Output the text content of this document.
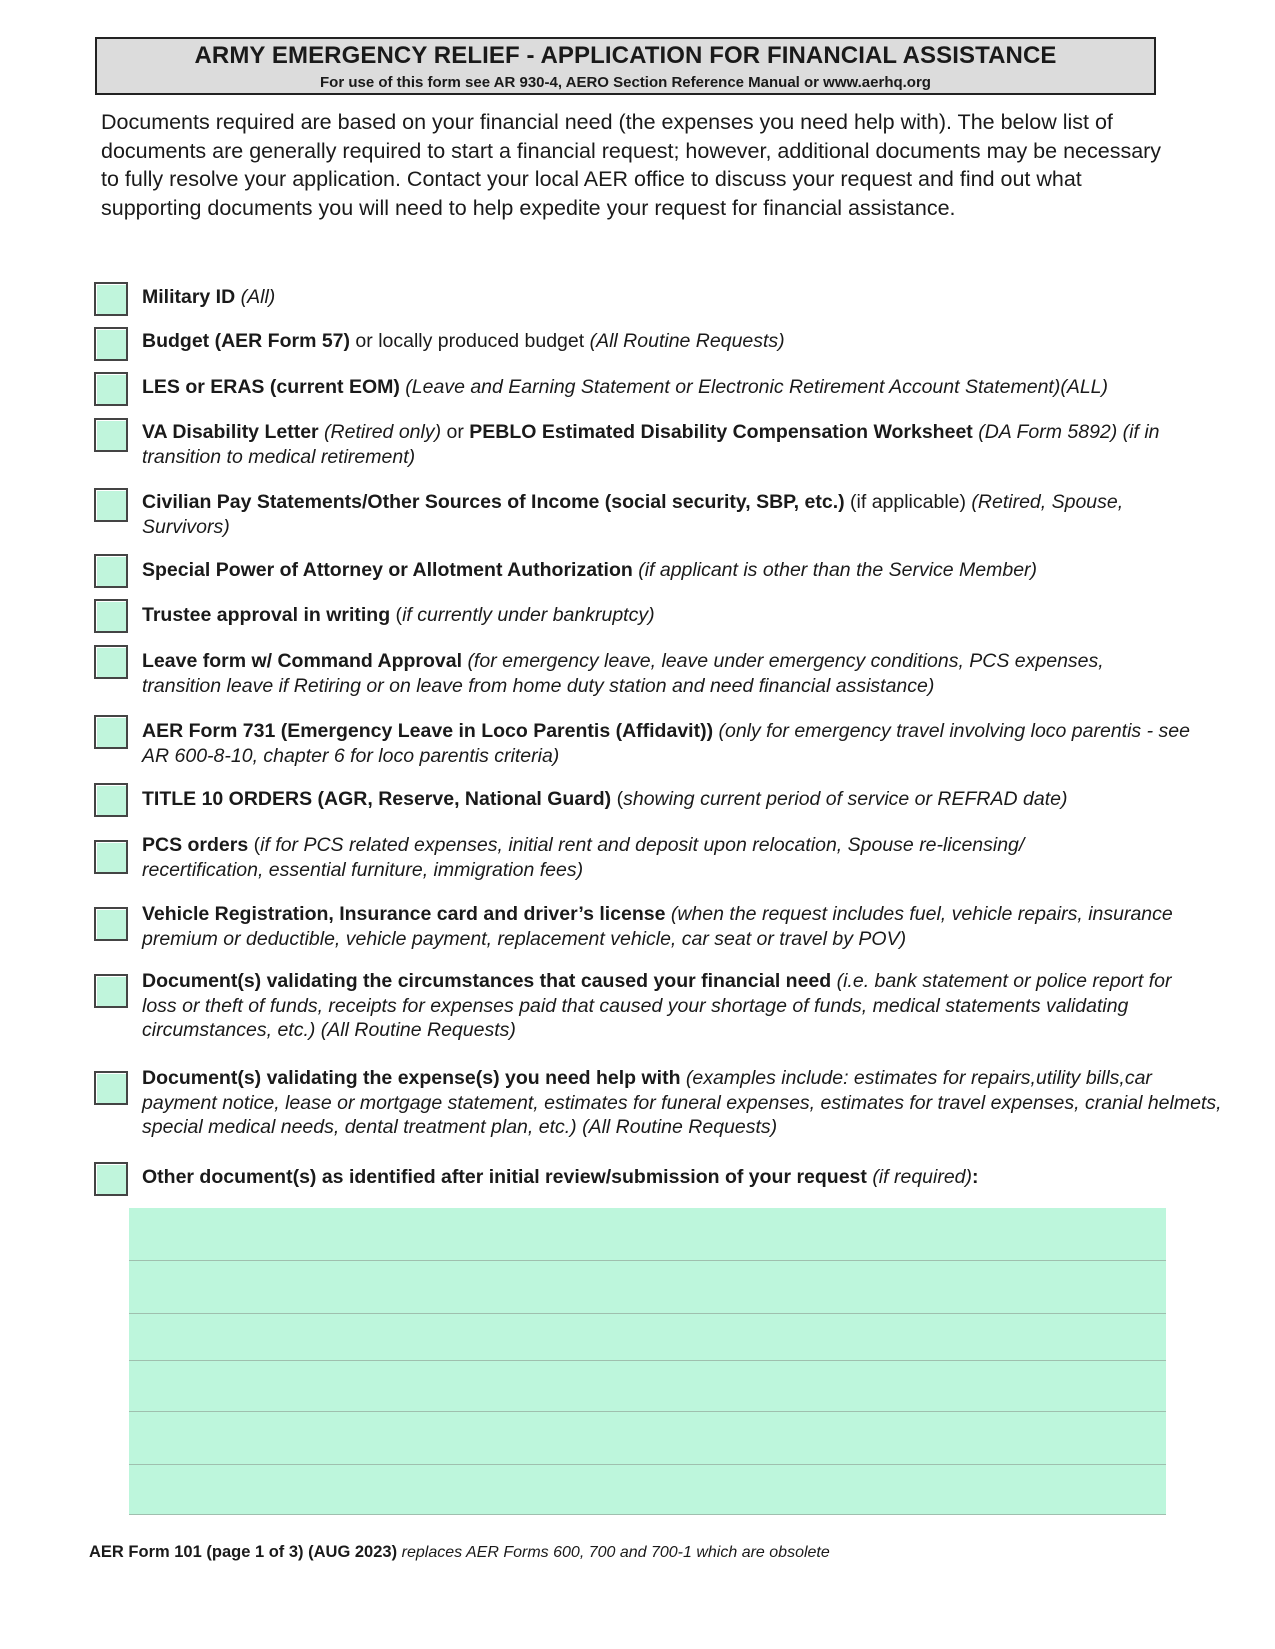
ARMY EMERGENCY RELIEF - APPLICATION FOR FINANCIAL ASSISTANCE
For use of this form see AR 930-4, AERO Section Reference Manual or www.aerhq.org
Documents required are based on your financial need (the expenses you need help with). The below list of documents are generally required to start a financial request; however, additional documents may be necessary to fully resolve your application. Contact your local AER office to discuss your request and find out what supporting documents you will need to help expedite your request for financial assistance.
Military ID (All)
Budget (AER Form 57) or locally produced budget (All Routine Requests)
LES or ERAS (current EOM) (Leave and Earning Statement or Electronic Retirement Account Statement)(ALL)
VA Disability Letter (Retired only) or PEBLO Estimated Disability Compensation Worksheet (DA Form 5892) (if in transition to medical retirement)
Civilian Pay Statements/Other Sources of Income (social security, SBP, etc.) (if applicable) (Retired, Spouse, Survivors)
Special Power of Attorney or Allotment Authorization (if applicant is other than the Service Member)
Trustee approval in writing (if currently under bankruptcy)
Leave form w/ Command Approval (for emergency leave, leave under emergency conditions, PCS expenses, transition leave if Retiring or on leave from home duty station and need financial assistance)
AER Form 731 (Emergency Leave in Loco Parentis (Affidavit)) (only for emergency travel involving loco parentis - see AR 600-8-10, chapter 6 for loco parentis criteria)
TITLE 10 ORDERS (AGR, Reserve, National Guard) (showing current period of service or REFRAD date)
PCS orders (if for PCS related expenses, initial rent and deposit upon relocation, Spouse re-licensing/ recertification, essential furniture, immigration fees)
Vehicle Registration, Insurance card and driver’s license (when the request includes fuel, vehicle repairs, insurance premium or deductible, vehicle payment, replacement vehicle, car seat or travel by POV)
Document(s) validating the circumstances that caused your financial need (i.e. bank statement or police report for loss or theft of funds, receipts for expenses paid that caused your shortage of funds, medical statements validating circumstances, etc.) (All Routine Requests)
Document(s) validating the expense(s) you need help with (examples include: estimates for repairs,utility bills,car payment notice, lease or mortgage statement, estimates for funeral expenses, estimates for travel expenses, cranial helmets, special medical needs, dental treatment plan, etc.) (All Routine Requests)
Other document(s) as identified after initial review/submission of your request (if required):
AER Form 101 (page 1 of 3) (AUG 2023) replaces AER Forms 600, 700 and 700-1 which are obsolete
